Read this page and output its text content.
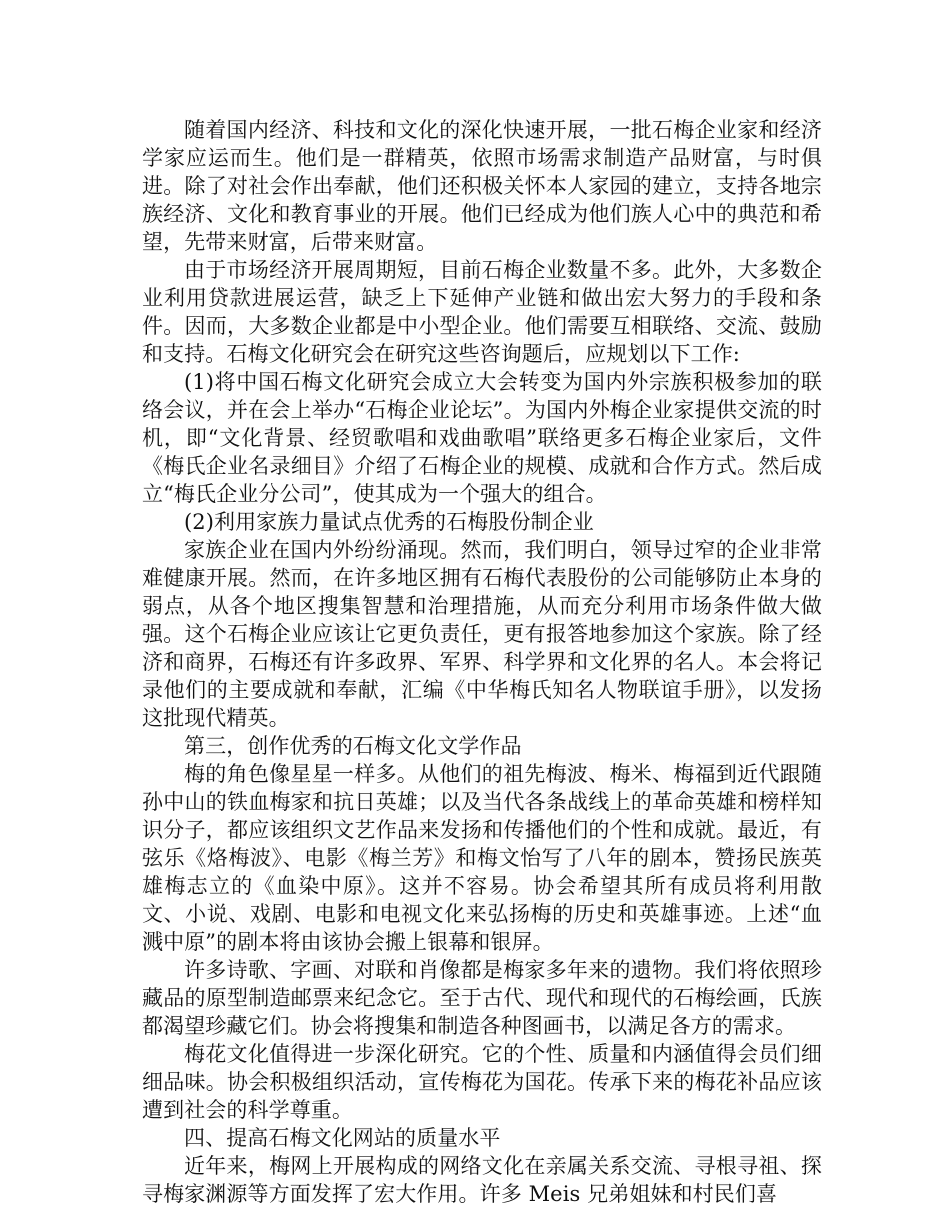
随着国内经济、科技和文化的深化快速开展，一批石梅企业家和经济学家应运而生。他们是一群精英，依照市场需求制造产品财富，与时俱进。除了对社会作出奉献，他们还积极关怀本人家园的建立，支持各地宗族经济、文化和教育事业的开展。他们已经成为他们族人心中的典范和希望，先带来财富，后带来财富。

由于市场经济开展周期短，目前石梅企业数量不多。此外，大多数企业利用贷款进展运营，缺乏上下延伸产业链和做出宏大努力的手段和条件。因而，大多数企业都是中小型企业。他们需要互相联络、交流、鼓励和支持。石梅文化研究会在研究这些咨询题后，应规划以下工作:

(1)将中国石梅文化研究会成立大会转变为国内外宗族积极参加的联络会议，并在会上举办“石梅企业论坛”。为国内外梅企业家提供交流的时机，即“文化背景、经贸歌唱和戏曲歌唱”联络更多石梅企业家后，文件《梅氏企业名录细目》介绍了石梅企业的规模、成就和合作方式。然后成立“梅氏企业分公司”，使其成为一个强大的组合。

(2)利用家族力量试点优秀的石梅股份制企业

家族企业在国内外纷纷涌现。然而，我们明白，领导过窄的企业非常难健康开展。然而，在许多地区拥有石梅代表股份的公司能够防止本身的弱点，从各个地区搜集智慧和治理措施，从而充分利用市场条件做大做强。这个石梅企业应该让它更负责任，更有报答地参加这个家族。除了经济和商界，石梅还有许多政界、军界、科学界和文化界的名人。本会将记录他们的主要成就和奉献，汇编《中华梅氏知名人物联谊手册》，以发扬这批现代精英。

第三，创作优秀的石梅文化文学作品

梅的角色像星星一样多。从他们的祖先梅波、梅米、梅福到近代跟随孙中山的铁血梅家和抗日英雄；以及当代各条战线上的革命英雄和榜样知识分子，都应该组织文艺作品来发扬和传播他们的个性和成就。最近，有弦乐《烙梅波》、电影《梅兰芳》和梅文怡写了八年的剧本，赞扬民族英雄梅志立的《血染中原》。这并不容易。协会希望其所有成员将利用散文、小说、戏剧、电影和电视文化来弘扬梅的历史和英雄事迹。上述“血溅中原”的剧本将由该协会搬上银幕和银屏。

许多诗歌、字画、对联和肖像都是梅家多年来的遗物。我们将依照珍藏品的原型制造邮票来纪念它。至于古代、现代和现代的石梅绘画，氏族都渴望珍藏它们。协会将搜集和制造各种图画书，以满足各方的需求。

梅花文化值得进一步深化研究。它的个性、质量和内涵值得会员们细细品味。协会积极组织活动，宣传梅花为国花。传承下来的梅花补品应该遭到社会的科学尊重。

四、提高石梅文化网站的质量水平

近年来，梅网上开展构成的网络文化在亲属关系交流、寻根寻祖、探寻梅家渊源等方面发挥了宏大作用。许多 Meis 兄弟姐妹和村民们喜
